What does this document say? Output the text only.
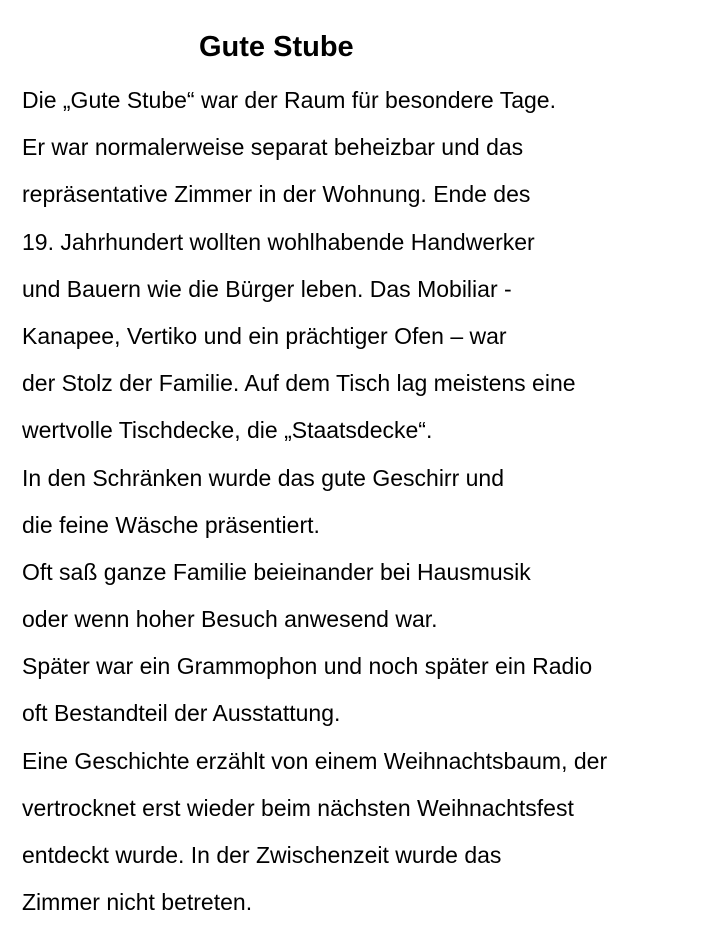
Gute Stube
Die „Gute Stube“ war der Raum für besondere Tage.
Er war normalerweise separat beheizbar und das
repräsentative Zimmer in der Wohnung. Ende des
19. Jahrhundert wollten wohlhabende Handwerker
und Bauern wie die Bürger leben. Das Mobiliar -
Kanapee, Vertiko und ein prächtiger Ofen – war
der Stolz der Familie. Auf dem Tisch lag meistens eine
wertvolle Tischdecke, die „Staatsdecke“.
In den Schränken wurde das gute Geschirr und
die feine Wäsche präsentiert.
Oft saß ganze Familie beieinander bei Hausmusik
oder wenn hoher Besuch anwesend war.
Später war ein Grammophon und noch später ein Radio
oft Bestandteil der Ausstattung.
Eine Geschichte erzählt von einem Weihnachtsbaum, der
vertrocknet erst wieder beim nächsten Weihnachtsfest
entdeckt wurde. In der Zwischenzeit wurde das
Zimmer nicht betreten.
